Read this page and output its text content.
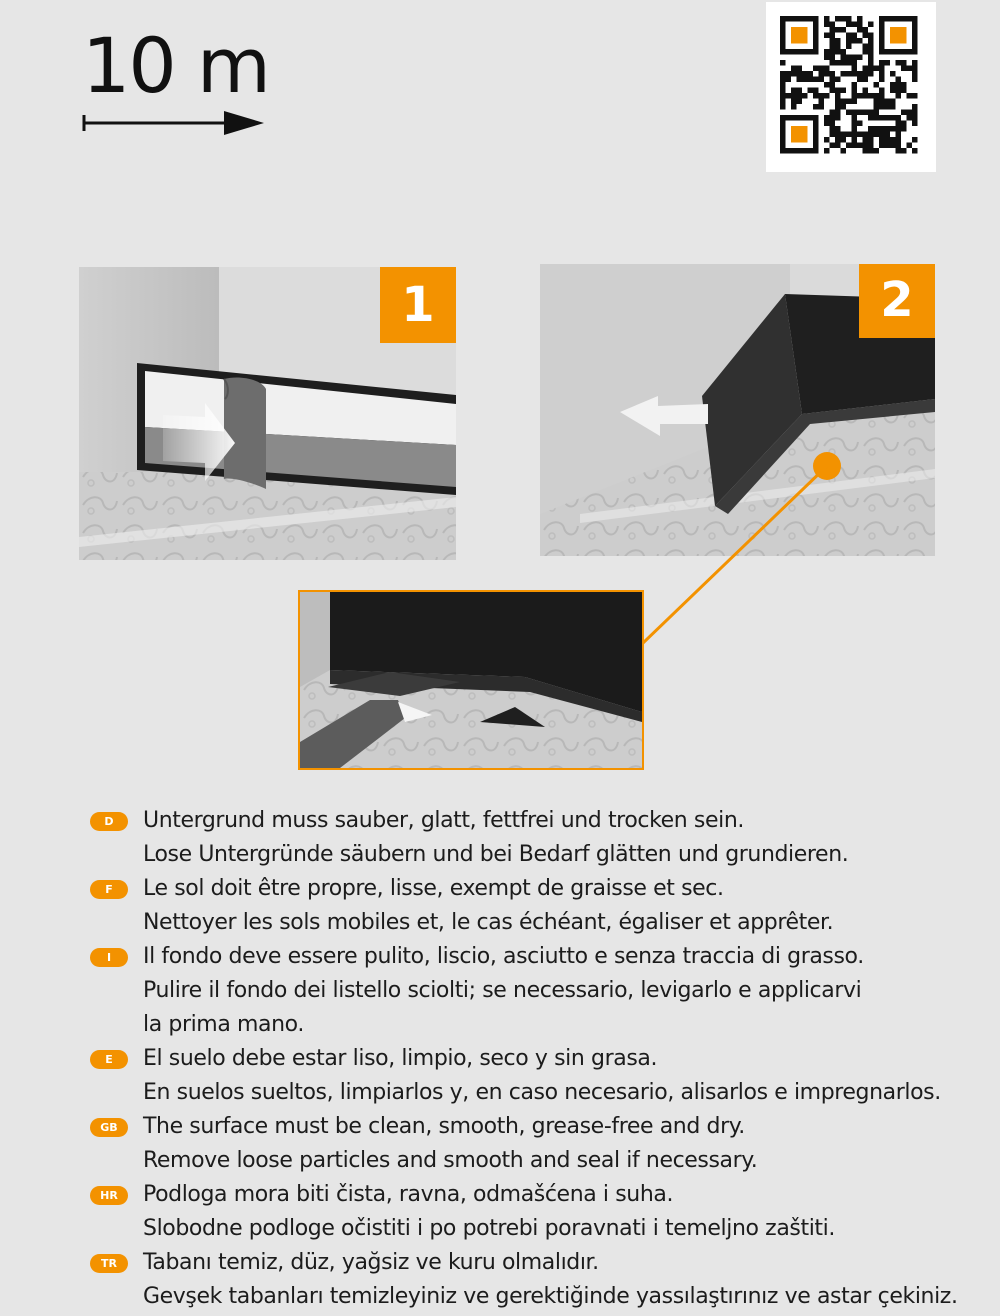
10 m
1	2
D	Untergrund muss sauber, glatt, fettfrei und trocken sein.
Lose Untergründe säubern und bei Bedarf glätten und grundieren.
F	Le sol doit être propre, lisse, exempt de graisse et sec.
Nettoyer les sols mobiles et, le cas échéant, égaliser et apprêter.
I	Il fondo deve essere pulito, liscio, asciutto e senza traccia di grasso.
Pulire il fondo dei listello sciolti; se necessario, levigarlo e applicarvi
la prima mano.
E	El suelo debe estar liso, limpio, seco y sin grasa.
En suelos sueltos, limpiarlos y, en caso necesario, alisarlos e impregnarlos.
GB	The surface must be clean, smooth, grease-free and dry.
Remove loose particles and smooth and seal if necessary.
HR	Podloga mora biti čista, ravna, odmašćena i suha.
Slobodne podloge očistiti i po potrebi poravnati i temeljno zaštiti.
TR	Tabanı temiz, düz, yağsiz ve kuru olmalıdır.
Gevşek tabanları temizleyiniz ve gerektiğinde yassılaştırınız ve astar çekiniz.
